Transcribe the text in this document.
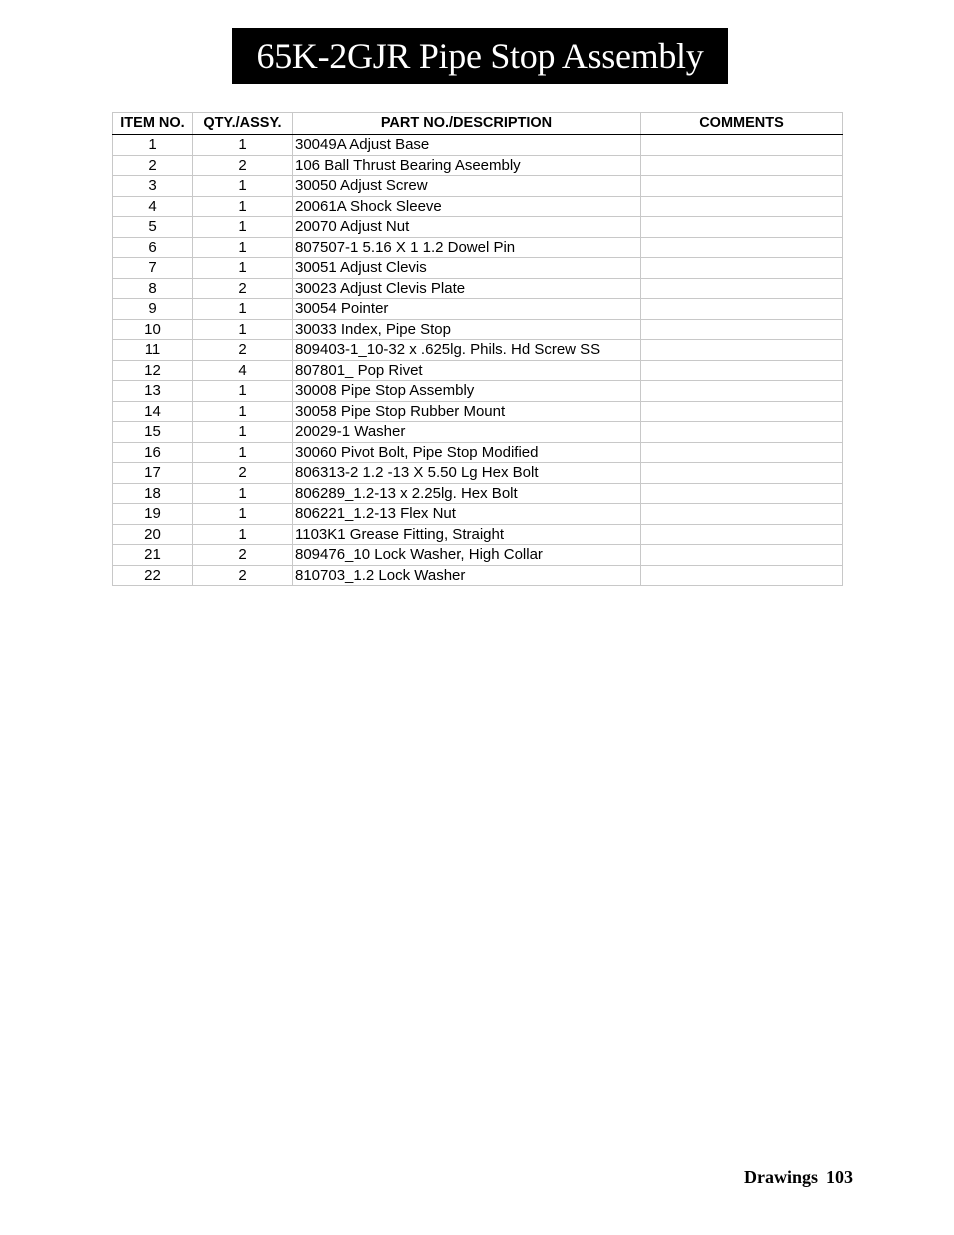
65K-2GJR Pipe Stop Assembly
ITEM NO.	QTY./ASSY.	PART NO./DESCRIPTION	COMMENTS
1	1	30049A Adjust Base	
2	2	106 Ball Thrust Bearing Aseembly	
3	1	30050 Adjust Screw	
4	1	20061A Shock Sleeve	
5	1	20070 Adjust Nut	
6	1	807507-1 5.16 X 1 1.2 Dowel Pin	
7	1	30051 Adjust Clevis	
8	2	30023 Adjust Clevis Plate	
9	1	30054 Pointer	
10	1	30033 Index, Pipe Stop	
11	2	809403-1_10-32 x .625lg. Phils. Hd Screw SS	
12	4	807801_ Pop Rivet	
13	1	30008 Pipe Stop Assembly	
14	1	30058 Pipe Stop Rubber Mount	
15	1	20029-1 Washer	
16	1	30060 Pivot Bolt, Pipe Stop Modified	
17	2	806313-2 1.2 -13 X 5.50 Lg Hex Bolt	
18	1	806289_1.2-13 x 2.25lg. Hex Bolt	
19	1	806221_1.2-13 Flex Nut	
20	1	1103K1 Grease Fitting, Straight	
21	2	809476_10 Lock Washer, High Collar	
22	2	810703_1.2 Lock Washer	
Drawings 103
